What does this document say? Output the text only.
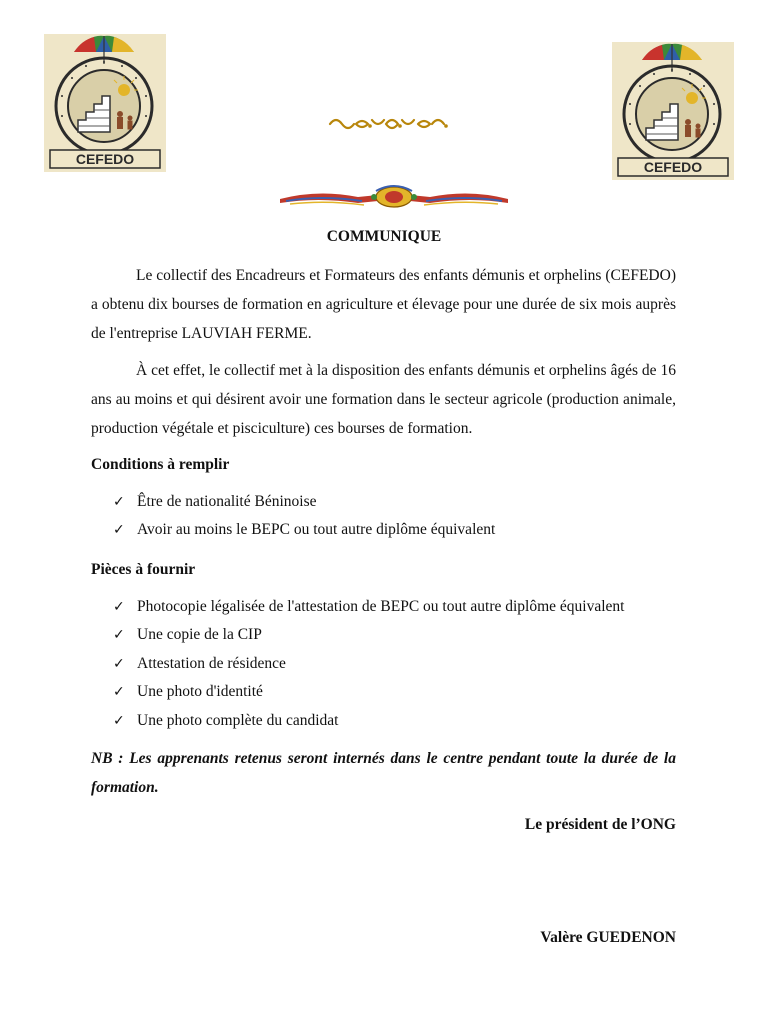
CEFEDO	CEFEDO
COMMUNIQUE

Le collectif des Encadreurs et Formateurs des enfants démunis et orphelins (CEFEDO) a obtenu dix bourses de formation en agriculture et élevage pour une durée de six mois auprès de l'entreprise LAUVIAH FERME.

À cet effet, le collectif met à la disposition des enfants démunis et orphelins âgés de 16 ans au moins et qui désirent avoir une formation dans le secteur agricole (production animale, production végétale et pisciculture) ces bourses de formation.

Conditions à remplir

✓ Être de nationalité Béninoise
✓ Avoir au moins le BEPC ou tout autre diplôme équivalent

Pièces à fournir

✓ Photocopie légalisée de l'attestation de BEPC ou tout autre diplôme équivalent
✓ Une copie de la CIP
✓ Attestation de résidence
✓ Une photo d'identité
✓ Une photo complète du candidat

NB : Les apprenants retenus seront internés dans le centre pendant toute la durée de la formation.

Le président de l’ONG

Valère GUEDENON
